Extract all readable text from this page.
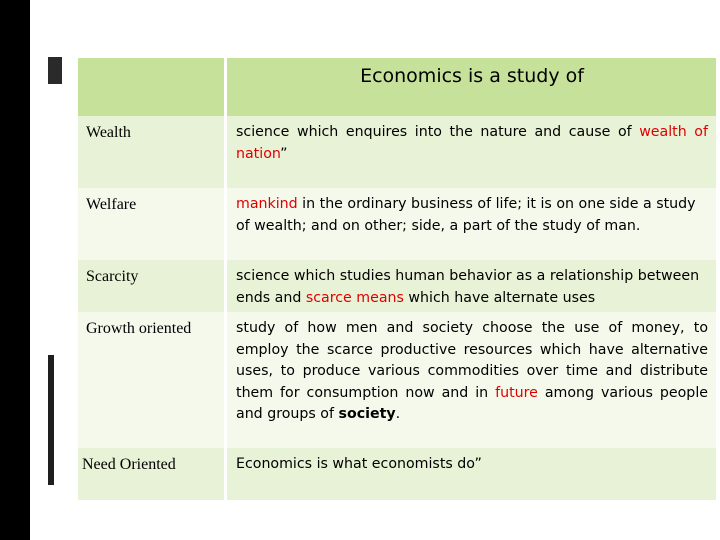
Economics is a study of
Wealth	science which enquires into the nature and cause of wealth of nation”
Welfare	mankind in the ordinary business of life; it is on one side a study of wealth; and on other; side, a part of the study of man.
Scarcity	science which studies human behavior as a relationship between ends and scarce means which have alternate uses
Growth oriented	study of how men and society choose the use of money, to employ the scarce productive resources which have alternative uses, to produce various commodities over time and distribute them for consumption now and in future among various people and groups of society.
Need Oriented	Economics is what economists do”
